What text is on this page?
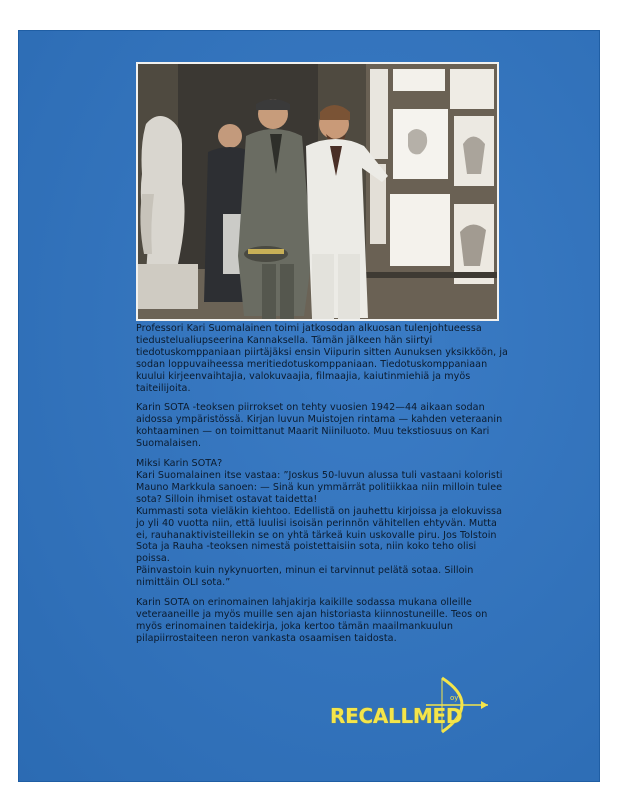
Professori Kari Suomalainen toimi jatkosodan alkuosan tulenjohtueessa tiedustelualiupseerina Kannaksella. Tämän jälkeen hän siirtyi tiedotuskomppaniaan piirtäjäksi ensin Viipurin sitten Aunuksen yksikköön, ja sodan loppuvaiheessa meritiedotuskomppaniaan. Tiedotuskomppaniaan kuului kirjeenvaihtajia, valokuvaajia, filmaajia, kaiutinmiehiä ja myös taiteilijoita.

Karin SOTA -teoksen piirrokset on tehty vuosien 1942—44 aikaan sodan aidossa ympäristössä. Kirjan luvun Muistojen rintama — kahden veteraanin kohtaaminen — on toimittanut Maarit Niiniluoto. Muu tekstiosuus on Kari Suomalaisen.

Miksi Karin SOTA?

Kari Suomalainen itse vastaa: ”Joskus 50-luvun alussa tuli vastaani koloristi Mauno Markkula sanoen: — Sinä kun ymmärrät politiikkaa niin milloin tulee sota? Silloin ihmiset ostavat taidetta!

Kummasti sota vieläkin kiehtoo. Edellistä on jauhettu kirjoissa ja elokuvissa jo yli 40 vuotta niin, että luulisi isoisän perinnön vähitellen ehtyvän. Mutta ei, rauhanaktivisteillekin se on yhtä tärkeä kuin uskovalle piru. Jos Tolstoin Sota ja Rauha -teoksen nimestä poistettaisiin sota, niin koko teho olisi poissa.

Päinvastoin kuin nykynuorten, minun ei tarvinnut pelätä sotaa. Silloin nimittäin OLI sota.”

Karin SOTA on erinomainen lahjakirja kaikille sodassa mukana olleille veteraaneille ja myös muille sen ajan historiasta kiinnostuneille. Teos on myös erinomainen taidekirja, joka kertoo tämän maailmankuulun pilapiirrostaiteen neron vankasta osaamisen taidosta.

RECALLMED
oy
